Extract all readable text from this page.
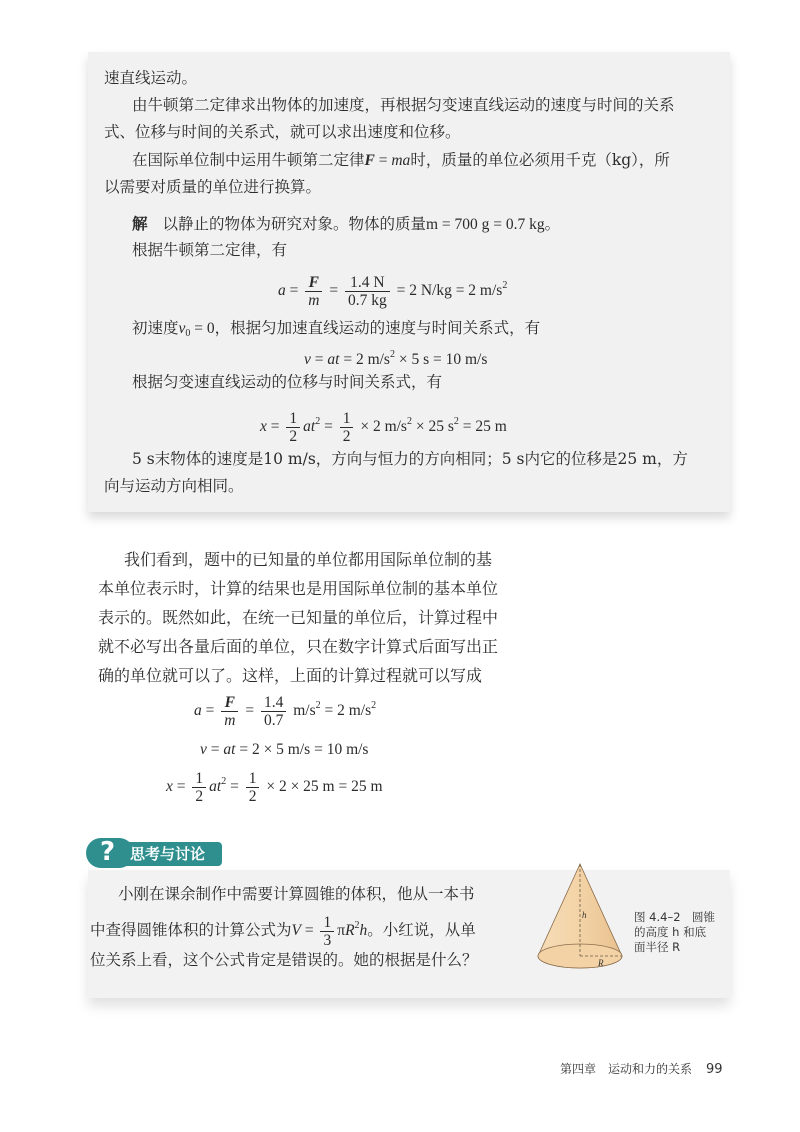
速直线运动。
由牛顿第二定律求出物体的加速度，再根据匀变速直线运动的速度与时间的关系
式、位移与时间的关系式，就可以求出速度和位移。
在国际单位制中运用牛顿第二定律F = ma时，质量的单位必须用千克（kg），所
以需要对质量的单位进行换算。
解 以静止的物体为研究对象。物体的质量m = 700 g = 0.7 kg。
根据牛顿第二定律，有
$a = \frac{F}{m} = \frac{1.4 N}{0.7 kg} = 2$ N/kg = 2 $m/s^2$
初速度$v_0 = 0$，根据匀加速直线运动的速度与时间关系式，有
v = at = 2 $m/s^2 \times 5$ s = 10 m/s
根据匀变速直线运动的位移与时间关系式，有
$x = \frac{1}{2} at^2 = \frac{1}{2} \times 2$ $m/s^2 \times 25$ $s^2 = 25$ m
5 s末物体的速度是10 m/s，方向与恒力的方向相同；5 s内它的位移是25 m，方
向与运动方向相同。
我们看到，题中的已知量的单位都用国际单位制的基
本单位表示时，计算的结果也是用国际单位制的基本单位
表示的。既然如此，在统一已知量的单位后，计算过程中
就不必写出各量后面的单位，只在数字计算式后面写出正
确的单位就可以了。这样，上面的计算过程就可以写成
$a = \frac{F}{m} = \frac{1.4}{0.7} m/s^2 = 2$ $m/s^2$
v = at = 2 × 5 m/s = 10 m/s
$x = \frac{1}{2} at^2 = \frac{1}{2} \times 2 \times 25$ m = 25 m
? 思考与讨论
小刚在课余制作中需要计算圆锥的体积，他从一本书
中查得圆锥体积的计算公式为$V = \frac{1}{3} \pi R^2h$。小红说，从单
位关系上看，这个公式肯定是错误的。她的根据是什么？
h
R
图 4.4–2　圆锥
的高度 h 和底
面半径 R
第四章　运动和力的关系 99
